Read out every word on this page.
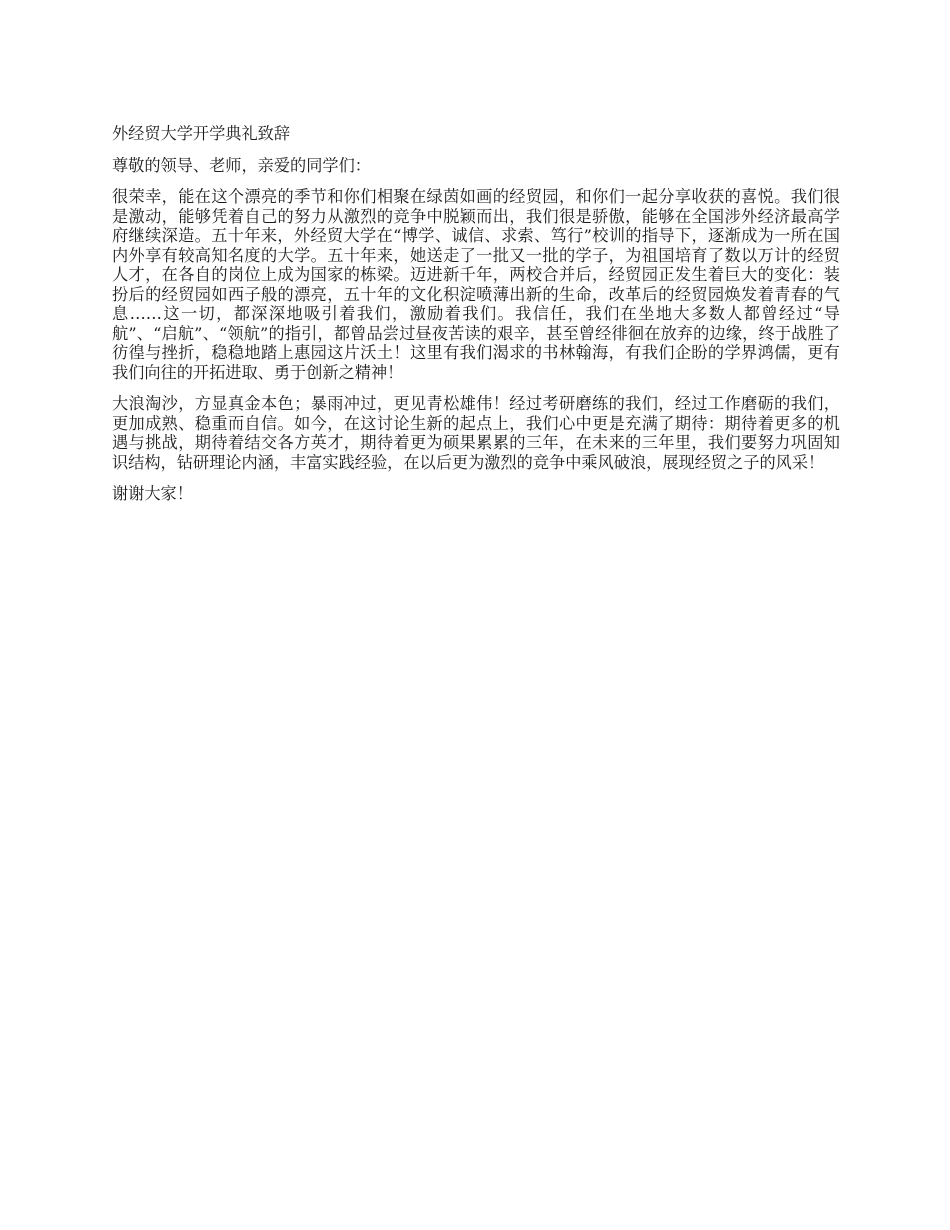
外经贸大学开学典礼致辞

尊敬的领导、老师，亲爱的同学们：

很荣幸，能在这个漂亮的季节和你们相聚在绿茵如画的经贸园，和你们一起分享收获的喜悦。我们很是激动，能够凭着自己的努力从激烈的竞争中脱颖而出，我们很是骄傲，能够在全国涉外经济最高学府继续深造。五十年来，外经贸大学在“博学、诚信、求索、笃行”校训的指导下，逐渐成为一所在国内外享有较高知名度的大学。五十年来，她送走了一批又一批的学子，为祖国培育了数以万计的经贸人才，在各自的岗位上成为国家的栋梁。迈进新千年，两校合并后，经贸园正发生着巨大的变化：装扮后的经贸园如西子般的漂亮，五十年的文化积淀喷薄出新的生命，改革后的经贸园焕发着青春的气息……这一切，都深深地吸引着我们，激励着我们。我信任，我们在坐地大多数人都曾经过“导航”、“启航”、“领航”的指引，都曾品尝过昼夜苦读的艰辛，甚至曾经徘徊在放弃的边缘，终于战胜了彷徨与挫折，稳稳地踏上惠园这片沃土！这里有我们渴求的书林翰海，有我们企盼的学界鸿儒，更有我们向往的开拓进取、勇于创新之精神！

大浪淘沙，方显真金本色；暴雨冲过，更见青松雄伟！经过考研磨练的我们，经过工作磨砺的我们，更加成熟、稳重而自信。如今，在这讨论生新的起点上，我们心中更是充满了期待：期待着更多的机遇与挑战，期待着结交各方英才，期待着更为硕果累累的三年，在未来的三年里，我们要努力巩固知识结构，钻研理论内涵，丰富实践经验，在以后更为激烈的竞争中乘风破浪，展现经贸之子的风采！

谢谢大家！
